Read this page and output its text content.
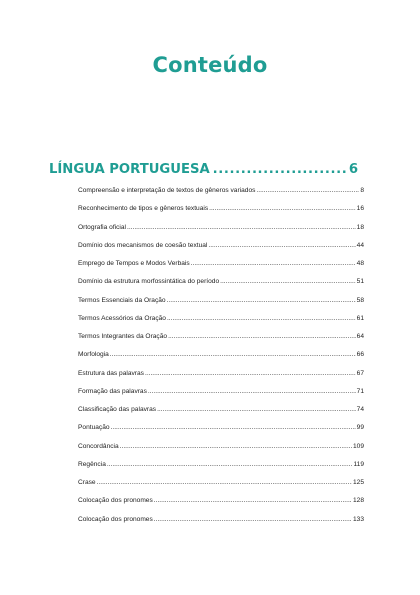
Conteúdo
LÍNGUA PORTUGUESA .....	6
Compreensão e interpretação de textos de gêneros variados .....	8
Reconhecimento de tipos e gêneros textuais .....	16
Ortografia oficial .....	18
Domínio dos mecanismos de coesão textual .....	44
Emprego de Tempos e Modos Verbais .....	48
Domínio da estrutura morfossintática do período .....	51
Termos Essenciais da Oração .....	58
Termos Acessórios da Oração .....	61
Termos Integrantes da Oração .....	64
Morfologia .....	66
Estrutura das palavras .....	67
Formação das palavras .....	71
Classificação das palavras .....	74
Pontuação .....	99
Concordância .....	109
Regência .....	119
Crase .....	125
Colocação dos pronomes .....	128
Colocação dos pronomes .....	133
